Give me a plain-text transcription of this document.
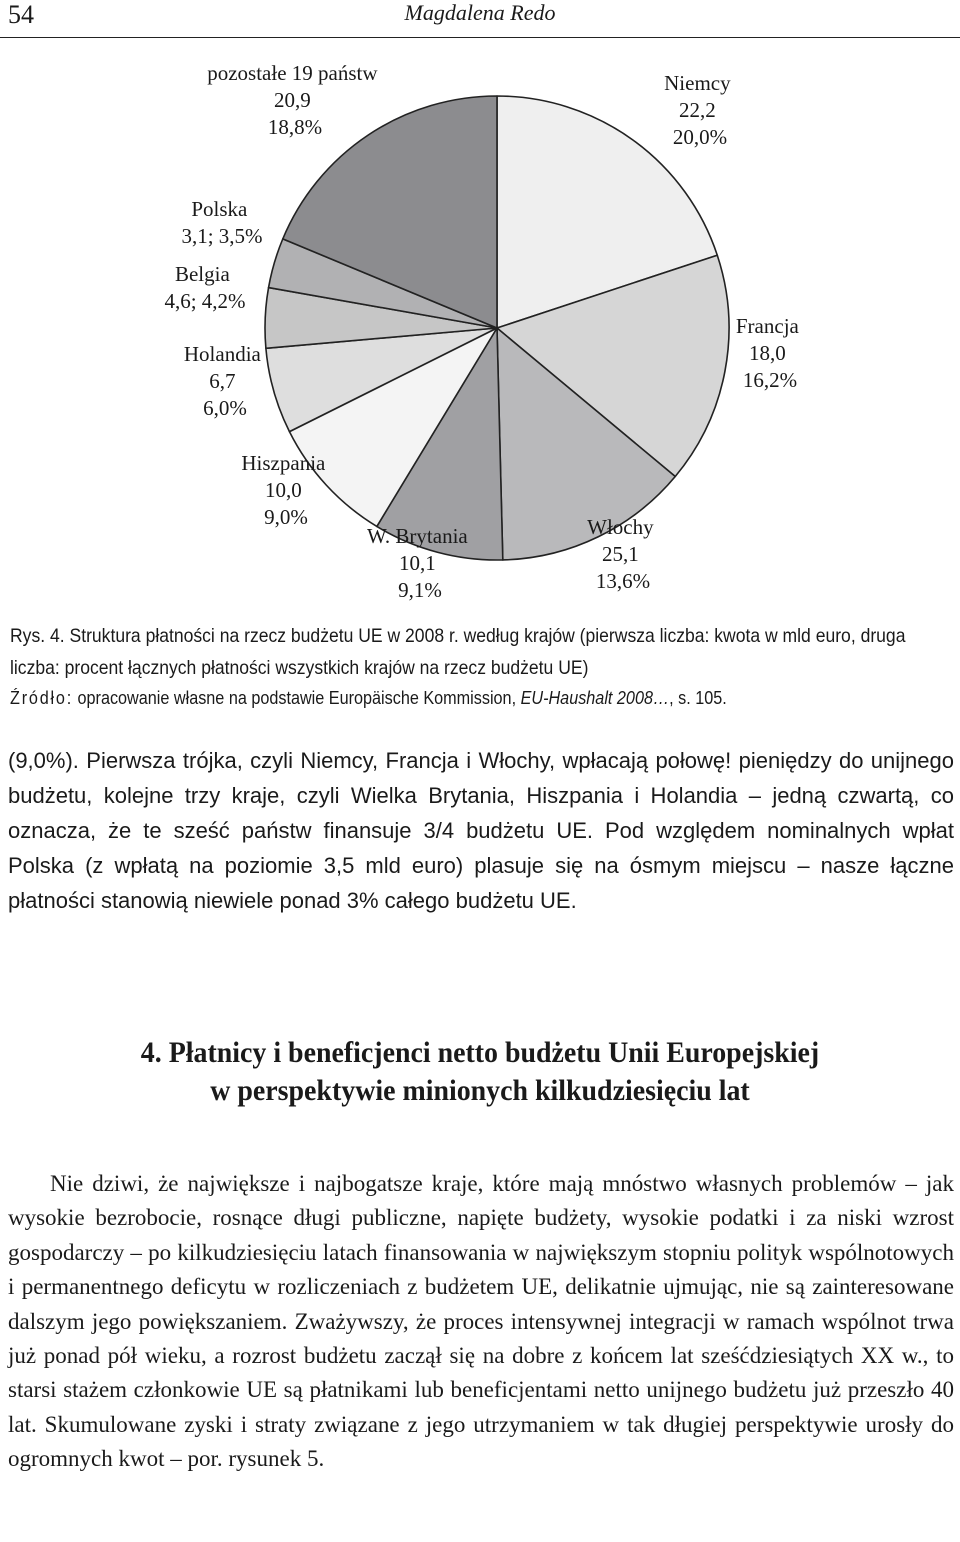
54	Magdalena Redo
pozostałe 19 państw 20,9 18,8%
Niemcy 22,2 20,0%
Polska 3,1; 3,5%
Belgia 4,6; 4,2%
Francja 18,0 16,2%
Holandia 6,7 6,0%
Hiszpania 10,0 9,0%	Włochy 25,1 13,6%
W. Brytania 10,1 9,1%
Rys. 4. Struktura płatności na rzecz budżetu UE w 2008 r. według krajów (pierwsza liczba: kwota w mld euro, druga liczba: procent łącznych płatności wszystkich krajów na rzecz budżetu UE)
Źródło: opracowanie własne na podstawie Europäische Kommission, EU-Haushalt 2008…, s. 105.
(9,0%). Pierwsza trójka, czyli Niemcy, Francja i Włochy, wpłacają połowę! pieniędzy do unijnego budżetu, kolejne trzy kraje, czyli Wielka Brytania, Hiszpania i Holandia – jedną czwartą, co oznacza, że te sześć państw finansuje 3/4 budżetu UE. Pod względem nominalnych wpłat Polska (z wpłatą na poziomie 3,5 mld euro) plasuje się na ósmym miejscu – nasze łączne płatności stanowią niewiele ponad 3% całego budżetu UE.
4. Płatnicy i beneficjenci netto budżetu Unii Europejskiej
w perspektywie minionych kilkudziesięciu lat
Nie dziwi, że największe i najbogatsze kraje, które mają mnóstwo własnych problemów – jak wysokie bezrobocie, rosnące długi publiczne, napięte budżety, wysokie podatki i za niski wzrost gospodarczy – po kilkudziesięciu latach finansowania w największym stopniu polityk wspólnotowych i permanentnego deficytu w rozliczeniach z budżetem UE, delikatnie ujmując, nie są zainteresowane dalszym jego powiększaniem. Zważywszy, że proces intensywnej integracji w ramach wspólnot trwa już ponad pół wieku, a rozrost budżetu zaczął się na dobre z końcem lat sześćdziesiątych XX w., to starsi stażem członkowie UE są płatnikami lub beneficjentami netto unijnego budżetu już przeszło 40 lat. Skumulowane zyski i straty związane z jego utrzymaniem w tak długiej perspektywie urosły do ogromnych kwot – por. rysunek 5.
